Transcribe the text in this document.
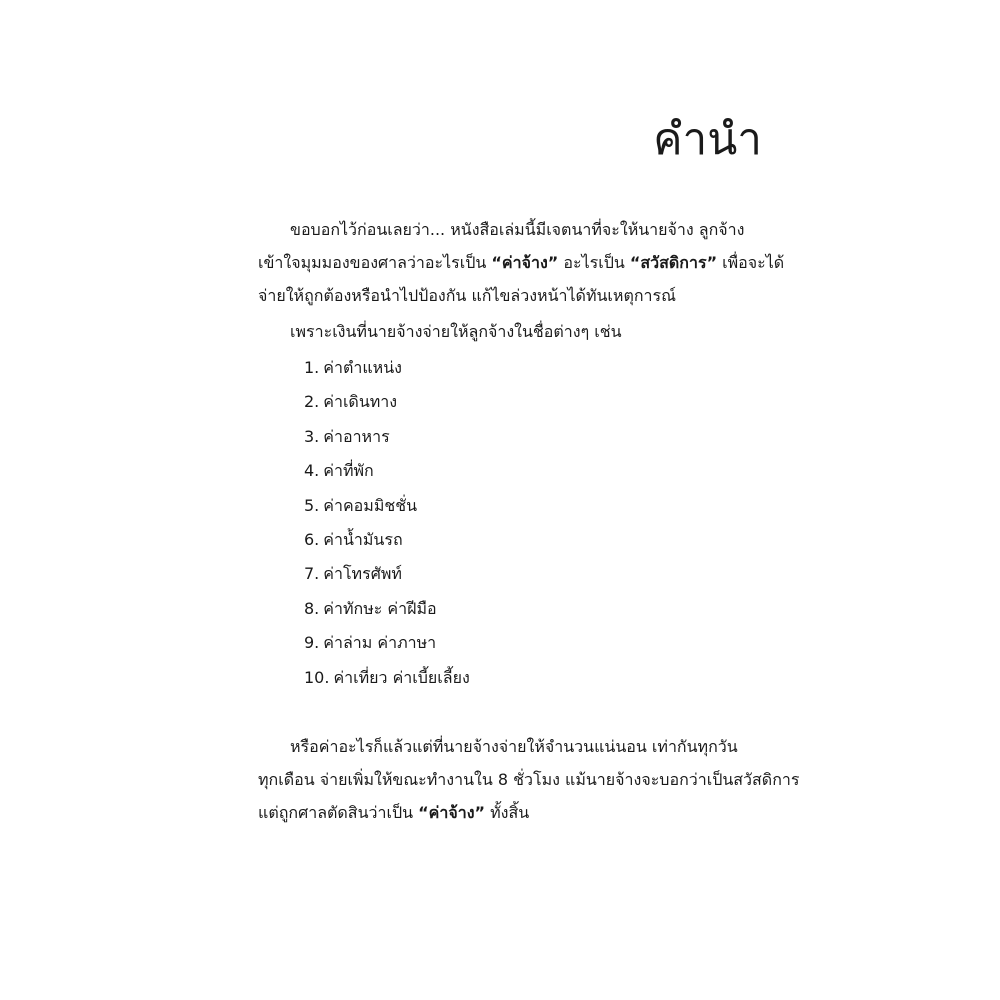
คำนำ

ขอบอกไว้ก่อนเลยว่า... หนังสือเล่มนี้มีเจตนาที่จะให้นายจ้าง ลูกจ้าง
เข้าใจมุมมองของศาลว่าอะไรเป็น “ค่าจ้าง” อะไรเป็น “สวัสดิการ” เพื่อจะได้
จ่ายให้ถูกต้องหรือนำไปป้องกัน แก้ไขล่วงหน้าได้ทันเหตุการณ์

เพราะเงินที่นายจ้างจ่ายให้ลูกจ้างในชื่อต่างๆ เช่น

1. ค่าตำแหน่ง
2. ค่าเดินทาง
3. ค่าอาหาร
4. ค่าที่พัก
5. ค่าคอมมิชชั่น
6. ค่าน้ำมันรถ
7. ค่าโทรศัพท์
8. ค่าทักษะ ค่าฝีมือ
9. ค่าล่าม ค่าภาษา
10. ค่าเที่ยว ค่าเบี้ยเลี้ยง

หรือค่าอะไรก็แล้วแต่ที่นายจ้างจ่ายให้จำนวนแน่นอน เท่ากันทุกวัน
ทุกเดือน จ่ายเพิ่มให้ขณะทำงานใน 8 ชั่วโมง แม้นายจ้างจะบอกว่าเป็นสวัสดิการ
แต่ถูกศาลตัดสินว่าเป็น “ค่าจ้าง” ทั้งสิ้น
